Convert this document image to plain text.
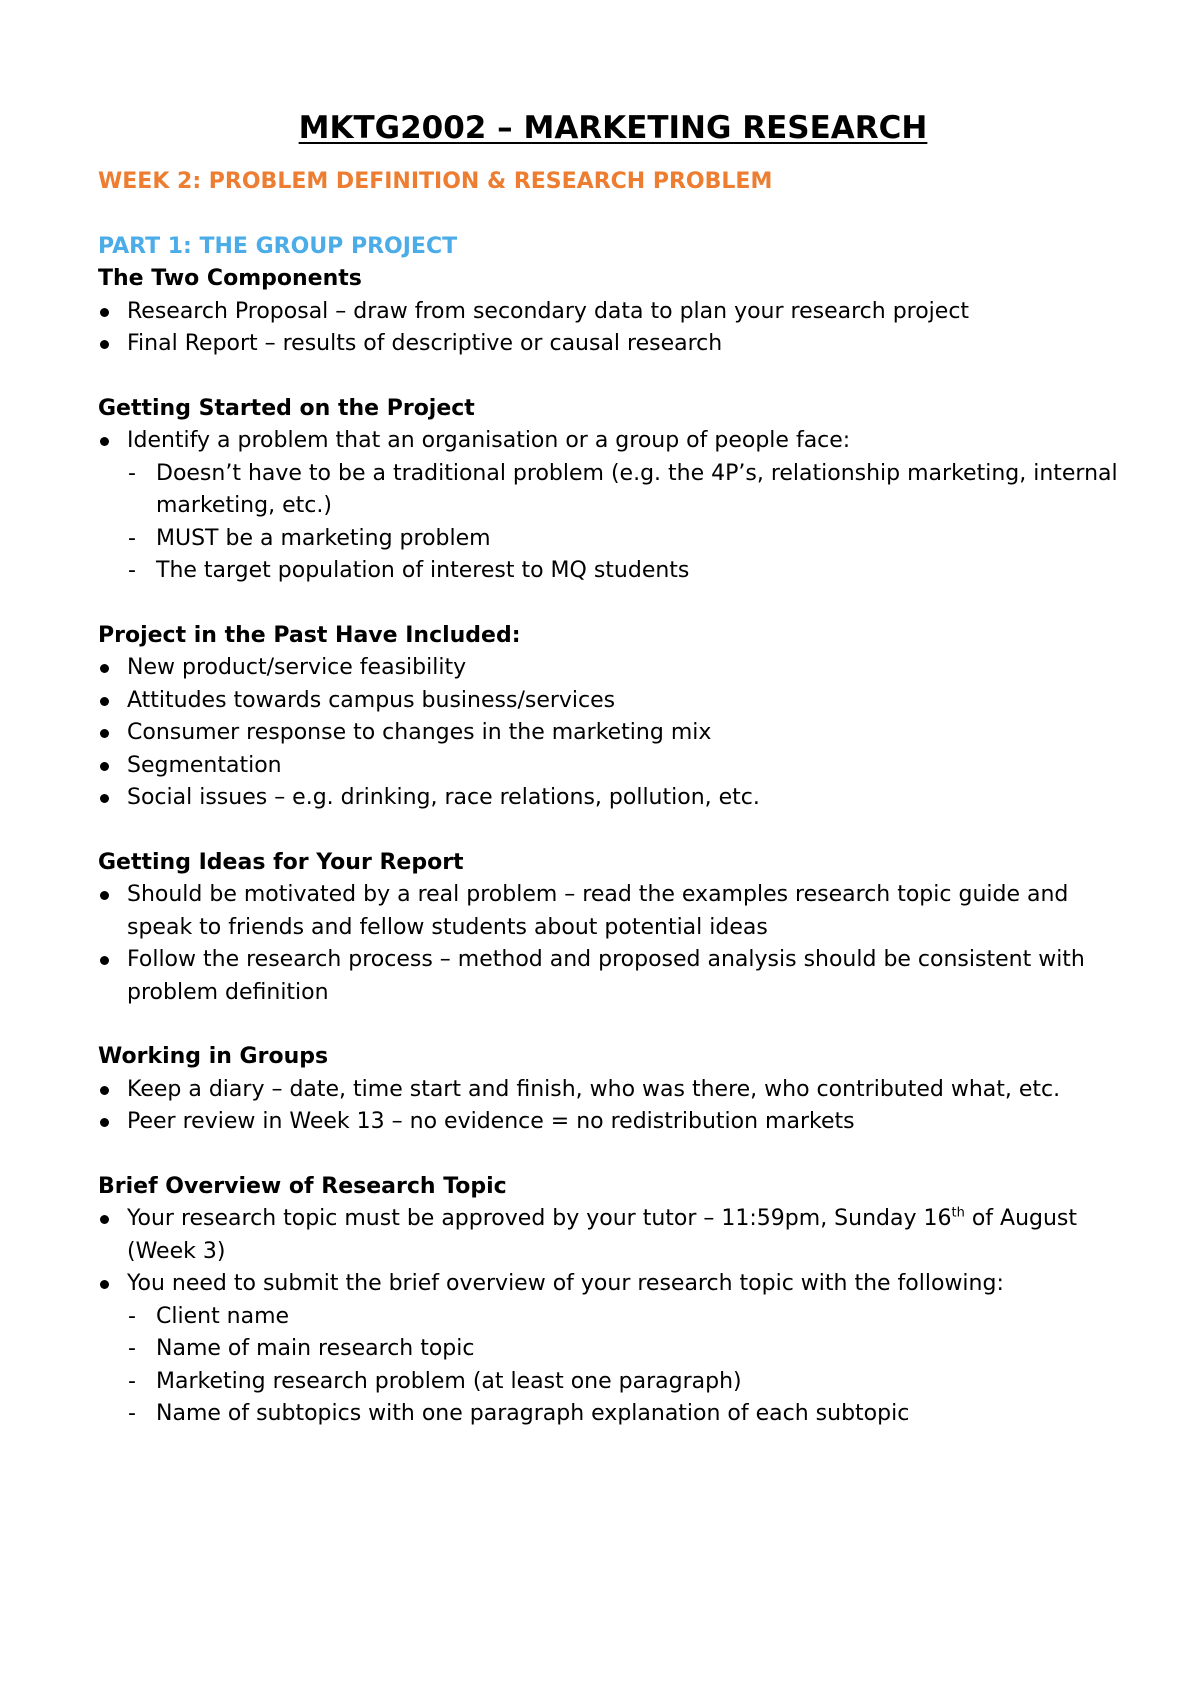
MKTG2002 – MARKETING RESEARCH
WEEK 2: PROBLEM DEFINITION & RESEARCH PROBLEM
PART 1: THE GROUP PROJECT
The Two Components
Research Proposal – draw from secondary data to plan your research project
Final Report – results of descriptive or causal research
Getting Started on the Project
Identify a problem that an organisation or a group of people face:
- Doesn’t have to be a traditional problem (e.g. the 4P’s, relationship marketing, internal marketing, etc.)
- MUST be a marketing problem
- The target population of interest to MQ students
Project in the Past Have Included:
New product/service feasibility
Attitudes towards campus business/services
Consumer response to changes in the marketing mix
Segmentation
Social issues – e.g. drinking, race relations, pollution, etc.
Getting Ideas for Your Report
Should be motivated by a real problem – read the examples research topic guide and speak to friends and fellow students about potential ideas
Follow the research process – method and proposed analysis should be consistent with problem definition
Working in Groups
Keep a diary – date, time start and finish, who was there, who contributed what, etc.
Peer review in Week 13 – no evidence = no redistribution markets
Brief Overview of Research Topic
Your research topic must be approved by your tutor – 11:59pm, Sunday 16th of August (Week 3)
You need to submit the brief overview of your research topic with the following:
- Client name
- Name of main research topic
- Marketing research problem (at least one paragraph)
- Name of subtopics with one paragraph explanation of each subtopic
